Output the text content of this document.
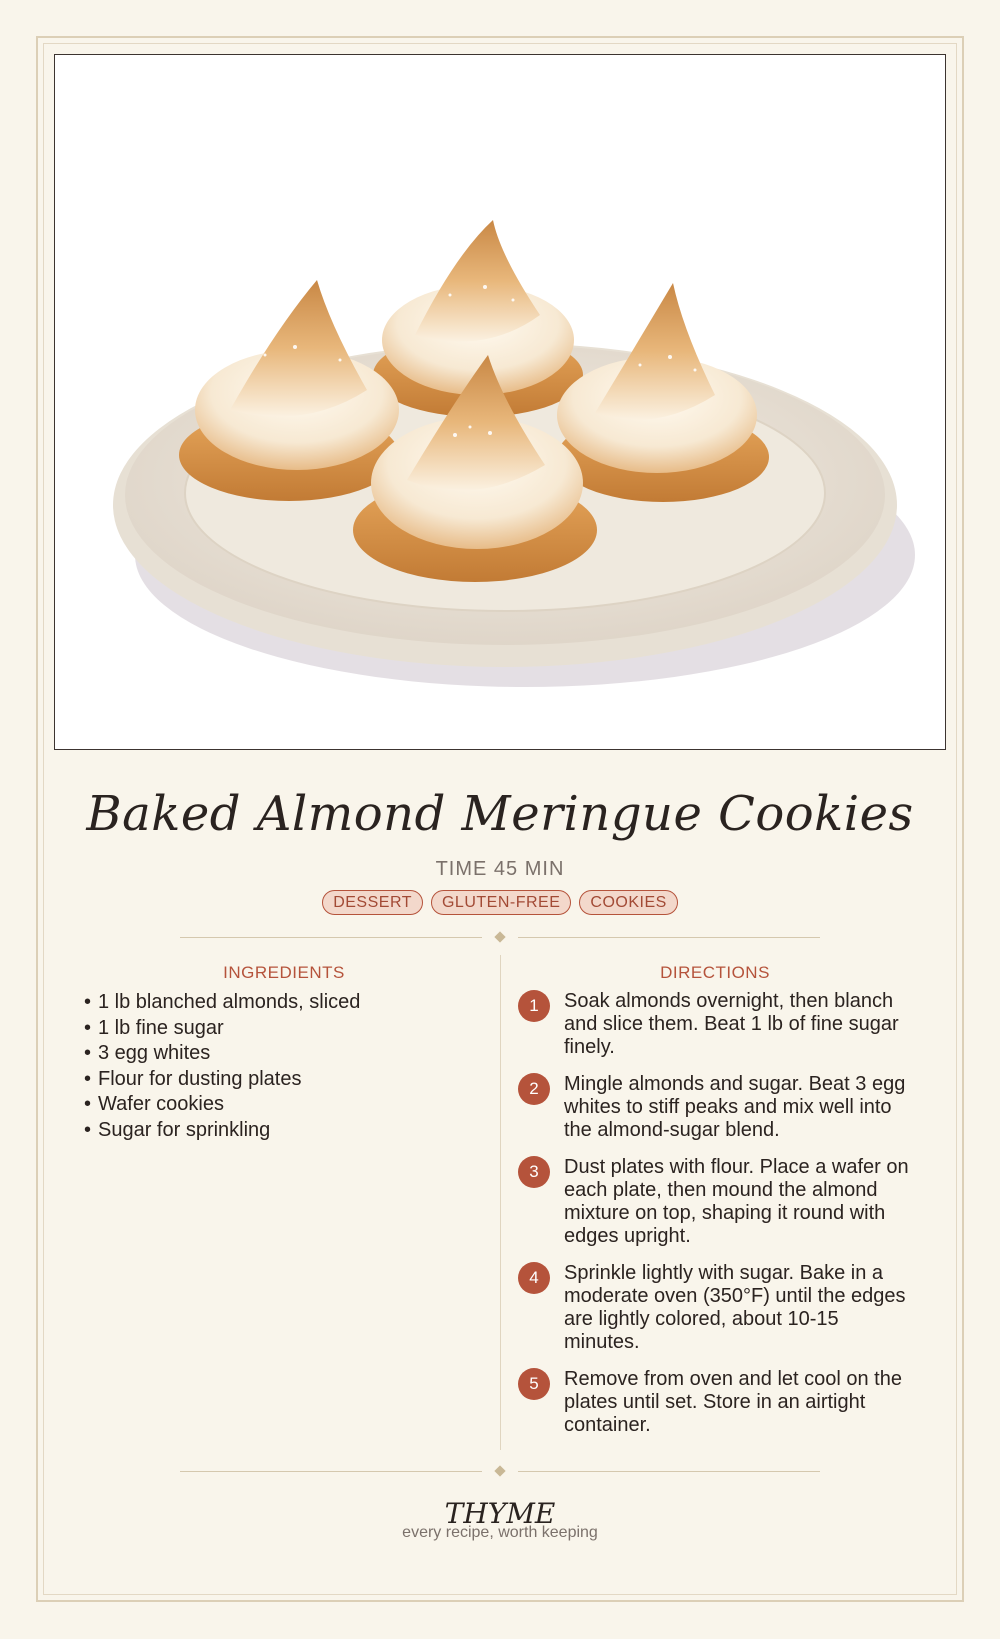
Baked Almond Meringue Cookies
TIME 45 MIN
DESSERT	GLUTEN-FREE	COOKIES
INGREDIENTS
• 1 lb blanched almonds, sliced
• 1 lb fine sugar
• 3 egg whites
• Flour for dusting plates
• Wafer cookies
• Sugar for sprinkling
DIRECTIONS
1	Soak almonds overnight, then blanch and slice them. Beat 1 lb of fine sugar finely.
2	Mingle almonds and sugar. Beat 3 egg whites to stiff peaks and mix well into the almond-sugar blend.
3	Dust plates with flour. Place a wafer on each plate, then mound the almond mixture on top, shaping it round with edges upright.
4	Sprinkle lightly with sugar. Bake in a moderate oven (350°F) until the edges are lightly colored, about 10-15 minutes.
5	Remove from oven and let cool on the plates until set. Store in an airtight container.
THYME
every recipe, worth keeping
